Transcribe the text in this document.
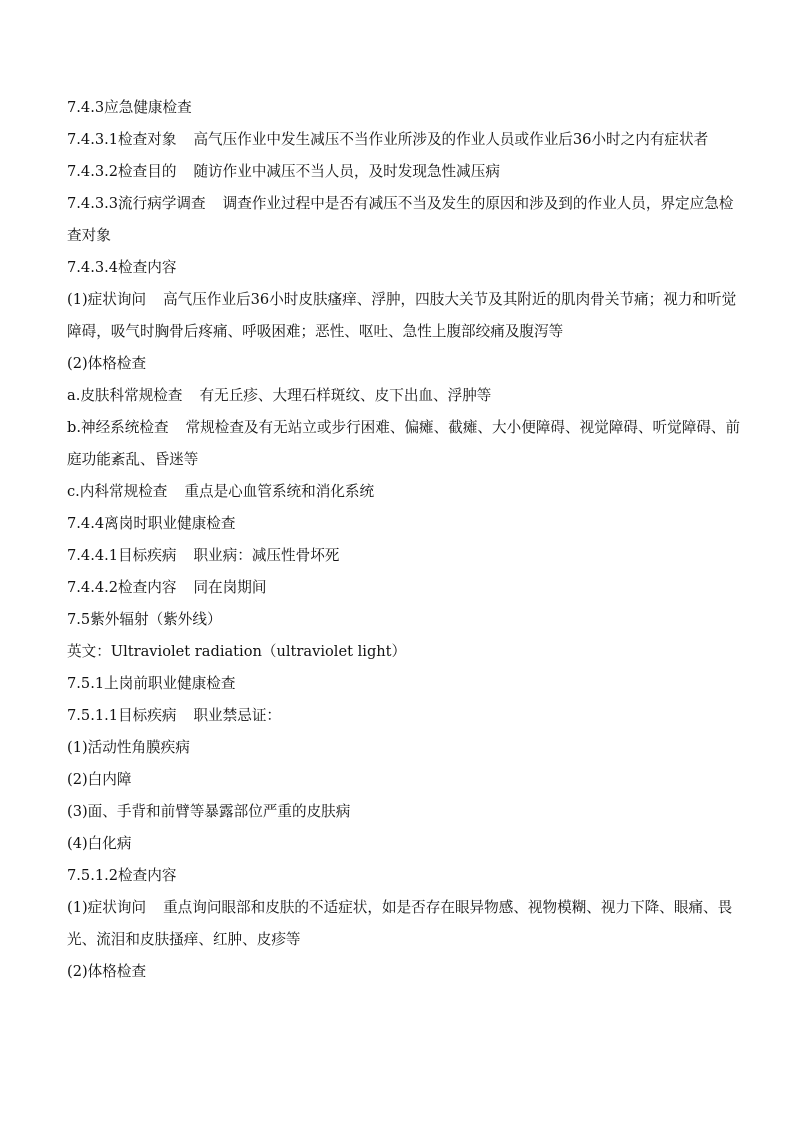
7.4.3应急健康检查

7.4.3.1检查对象 高气压作业中发生减压不当作业所涉及的作业人员或作业后36小时之内有症状者

7.4.3.2检查目的 随访作业中减压不当人员，及时发现急性减压病

7.4.3.3流行病学调查 调查作业过程中是否有减压不当及发生的原因和涉及到的作业人员，界定应急检查对象

7.4.3.4检查内容

(1)症状询问 高气压作业后36小时皮肤瘙痒、浮肿，四肢大关节及其附近的肌肉骨关节痛；视力和听觉障碍，吸气时胸骨后疼痛、呼吸困难；恶性、呕吐、急性上腹部绞痛及腹泻等

(2)体格检查

a.皮肤科常规检查 有无丘疹、大理石样斑纹、皮下出血、浮肿等

b.神经系统检查 常规检查及有无站立或步行困难、偏瘫、截瘫、大小便障碍、视觉障碍、听觉障碍、前庭功能紊乱、昏迷等

c.内科常规检查 重点是心血管系统和消化系统

7.4.4离岗时职业健康检查

7.4.4.1目标疾病 职业病：减压性骨坏死

7.4.4.2检查内容 同在岗期间

7.5紫外辐射（紫外线）

英文：Ultraviolet radiation（ultraviolet light）

7.5.1上岗前职业健康检查

7.5.1.1目标疾病 职业禁忌证：

(1)活动性角膜疾病

(2)白内障

(3)面、手背和前臂等暴露部位严重的皮肤病

(4)白化病

7.5.1.2检查内容

(1)症状询问 重点询问眼部和皮肤的不适症状，如是否存在眼异物感、视物模糊、视力下降、眼痛、畏光、流泪和皮肤搔痒、红肿、皮疹等

(2)体格检查
